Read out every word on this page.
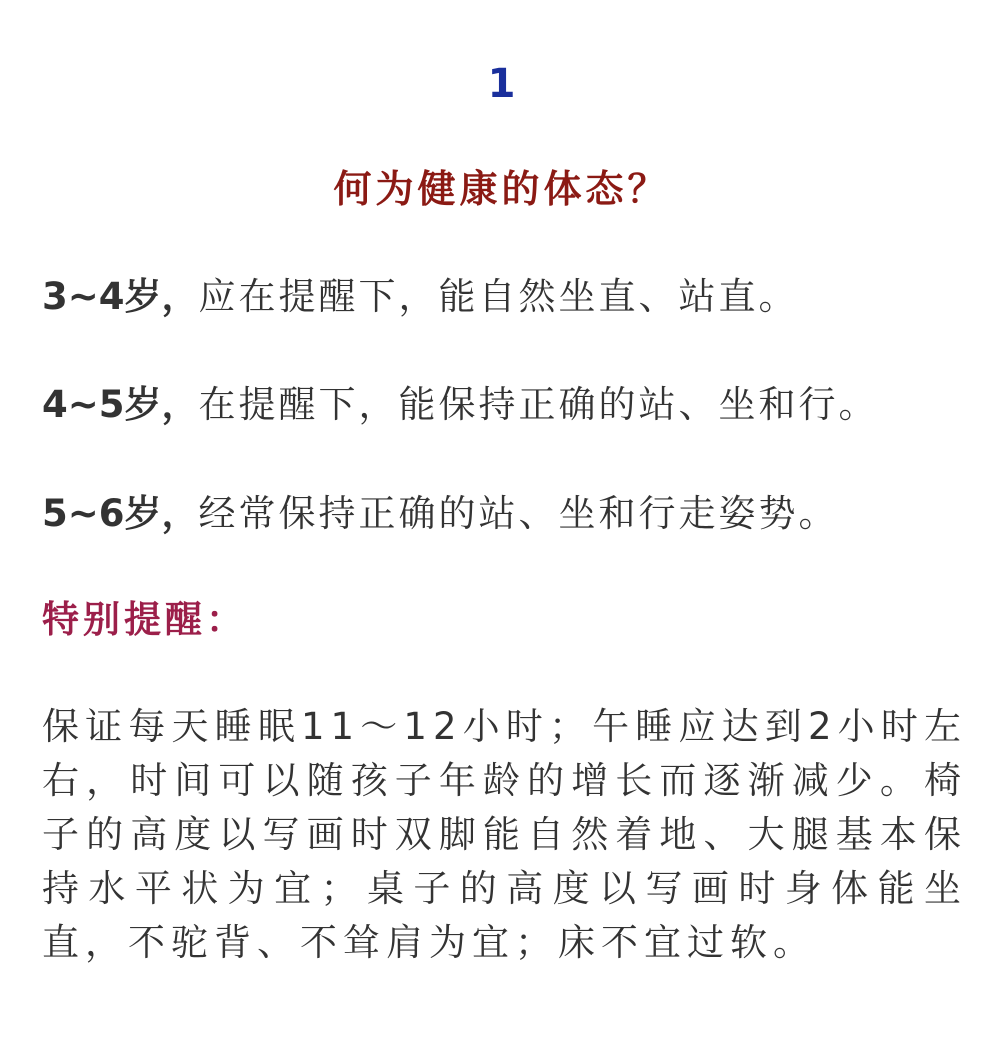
1
何为健康的体态？
3~4岁，应在提醒下，能自然坐直、站直。
4~5岁，在提醒下，能保持正确的站、坐和行。
5~6岁，经常保持正确的站、坐和行走姿势。
特别提醒：
保证每天睡眠11～12小时；午睡应达到2小时左右，时间可以随孩子年龄的增长而逐渐减少。椅子的高度以写画时双脚能自然着地、大腿基本保持水平状为宜；桌子的高度以写画时身体能坐直，不驼背、不耸肩为宜；床不宜过软。
